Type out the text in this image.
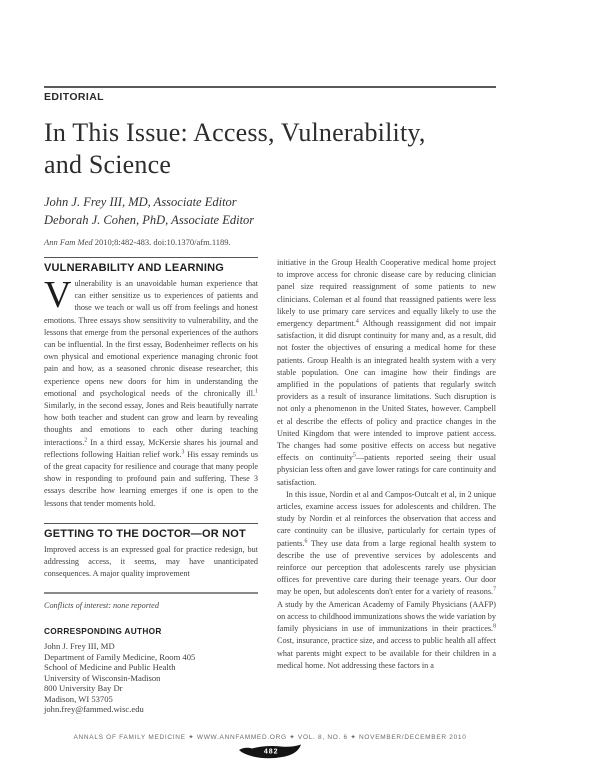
EDITORIAL
In This Issue: Access, Vulnerability,
and Science
John J. Frey III, MD, Associate Editor
Deborah J. Cohen, PhD, Associate Editor
Ann Fam Med 2010;8:482-483. doi:10.1370/afm.1189.
VULNERABILITY AND LEARNING

Vulnerability is an unavoidable human experience that can either sensitize us to experiences of patients and those we teach or wall us off from feelings and honest emotions. Three essays show sensitivity to vulnerability, and the lessons that emerge from the personal experiences of the authors can be influential. In the first essay, Bodenheimer reflects on his own physical and emotional experience managing chronic foot pain and how, as a seasoned chronic disease researcher, this experience opens new doors for him in understanding the emotional and psychological needs of the chronically ill.$^1$ Similarly, in the second essay, Jones and Reis beautifully narrate how both teacher and student can grow and learn by revealing thoughts and emotions to each other during teaching interactions.$^2$ In a third essay, McKersie shares his journal and reflections following Haitian relief work.$^3$ His essay reminds us of the great capacity for resilience and courage that many people show in responding to profound pain and suffering. These 3 essays describe how learning emerges if one is open to the lessons that tender moments hold.

GETTING TO THE DOCTOR—OR NOT

Improved access is an expressed goal for practice redesign, but addressing access, it seems, may have unanticipated consequences. A major quality improvement

Conflicts of interest: none reported
CORRESPONDING AUTHOR
John J. Frey III, MD
Department of Family Medicine, Room 405
School of Medicine and Public Health
University of Wisconsin-Madison
800 University Bay Dr
Madison, WI 53705
john.frey@fammed.wisc.edu

initiative in the Group Health Cooperative medical home project to improve access for chronic disease care by reducing clinician panel size required reassignment of some patients to new clinicians. Coleman et al found that reassigned patients were less likely to use primary care services and equally likely to use the emergency department.$^4$ Although reassignment did not impair satisfaction, it did disrupt continuity for many and, as a result, did not foster the objectives of ensuring a medical home for these patients. Group Health is an integrated health system with a very stable population. One can imagine how their findings are amplified in the populations of patients that regularly switch providers as a result of insurance limitations. Such disruption is not only a phenomenon in the United States, however. Campbell et al describe the effects of policy and practice changes in the United Kingdom that were intended to improve patient access. The changes had some positive effects on access but negative effects on continuity$^5$—patients reported seeing their usual physician less often and gave lower ratings for care continuity and satisfaction.

In this issue, Nordin et al and Campos-Outcalt et al, in 2 unique articles, examine access issues for adolescents and children. The study by Nordin et al reinforces the observation that access and care continuity can be illusive, particularly for certain types of patients.$^6$ They use data from a large regional health system to describe the use of preventive services by adolescents and reinforce our perception that adolescents rarely use physician offices for preventive care during their teenage years. Our door may be open, but adolescents don't enter for a variety of reasons.$^7$ A study by the American Academy of Family Physicians (AAFP) on access to childhood immunizations shows the wide variation by family physicians in use of immunizations in their practices.$^8$ Cost, insurance, practice size, and access to public health all affect what parents might expect to be available for their children in a medical home. Not addressing these factors in a

ANNALS OF FAMILY MEDICINE ✦ WWW.ANNFAMMED.ORG ✦ VOL. 8, NO. 6 ✦ NOVEMBER/DECEMBER 2010
482
